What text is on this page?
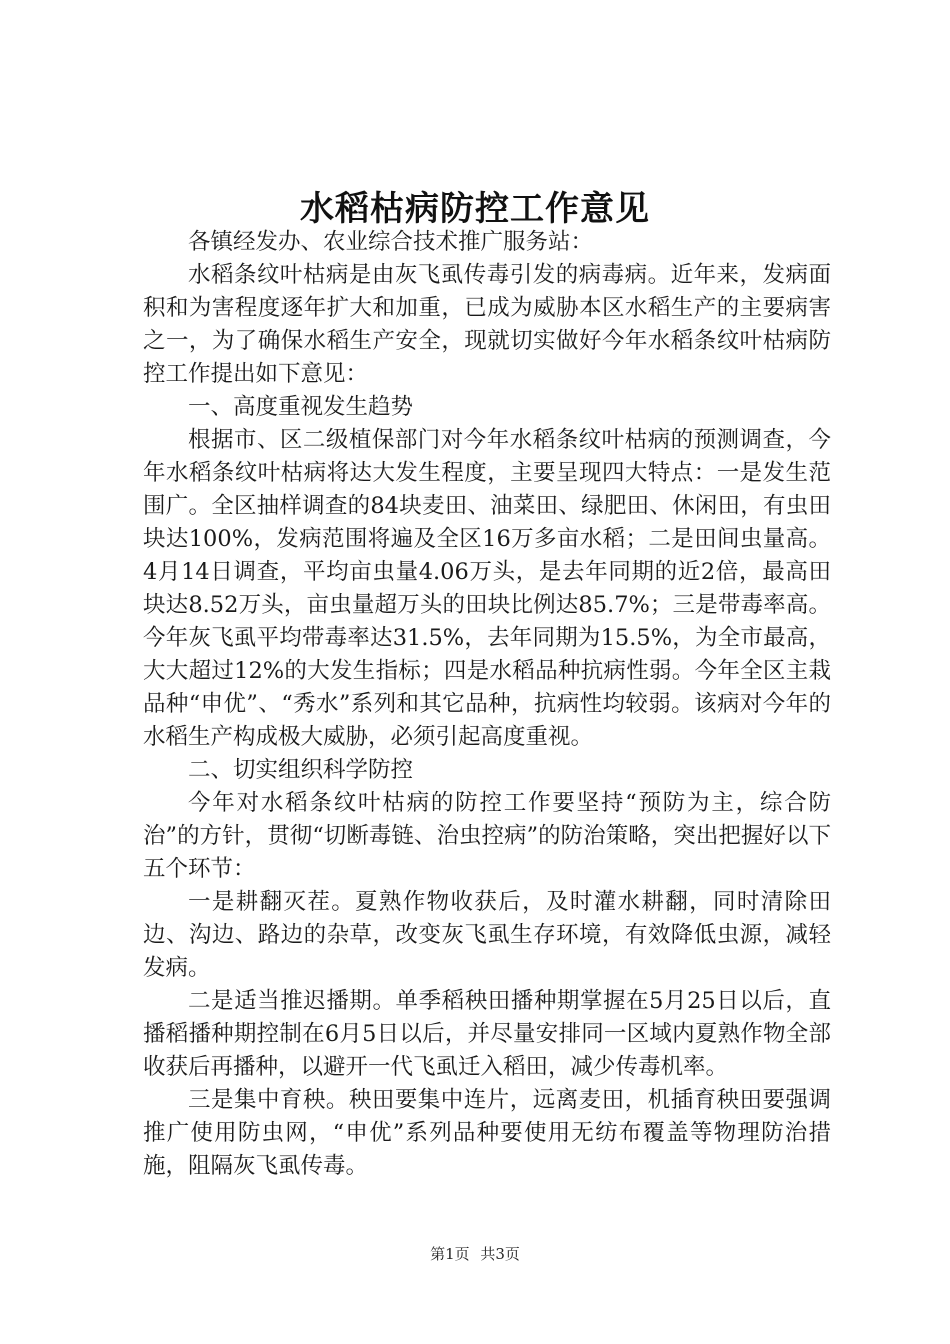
水稻枯病防控工作意见

各镇经发办、农业综合技术推广服务站：

水稻条纹叶枯病是由灰飞虱传毒引发的病毒病。近年来，发病面积和为害程度逐年扩大和加重，已成为威胁本区水稻生产的主要病害之一，为了确保水稻生产安全，现就切实做好今年水稻条纹叶枯病防控工作提出如下意见：

一、高度重视发生趋势

根据市、区二级植保部门对今年水稻条纹叶枯病的预测调查，今年水稻条纹叶枯病将达大发生程度，主要呈现四大特点：一是发生范围广。全区抽样调查的84块麦田、油菜田、绿肥田、休闲田，有虫田块达100%，发病范围将遍及全区16万多亩水稻；二是田间虫量高。4月14日调查，平均亩虫量4.06万头，是去年同期的近2倍，最高田块达8.52万头，亩虫量超万头的田块比例达85.7%；三是带毒率高。今年灰飞虱平均带毒率达31.5%，去年同期为15.5%，为全市最高，大大超过12%的大发生指标；四是水稻品种抗病性弱。今年全区主栽品种“申优”、“秀水”系列和其它品种，抗病性均较弱。该病对今年的水稻生产构成极大威胁，必须引起高度重视。

二、切实组织科学防控

今年对水稻条纹叶枯病的防控工作要坚持“预防为主，综合防治”的方针，贯彻“切断毒链、治虫控病”的防治策略，突出把握好以下五个环节：

一是耕翻灭茬。夏熟作物收获后，及时灌水耕翻，同时清除田边、沟边、路边的杂草，改变灰飞虱生存环境，有效降低虫源，减轻发病。

二是适当推迟播期。单季稻秧田播种期掌握在5月25日以后，直播稻播种期控制在6月5日以后，并尽量安排同一区域内夏熟作物全部收获后再播种，以避开一代飞虱迁入稻田，减少传毒机率。

三是集中育秧。秧田要集中连片，远离麦田，机插育秧田要强调推广使用防虫网，“申优”系列品种要使用无纺布覆盖等物理防治措施，阻隔灰飞虱传毒。

第1页 共3页
